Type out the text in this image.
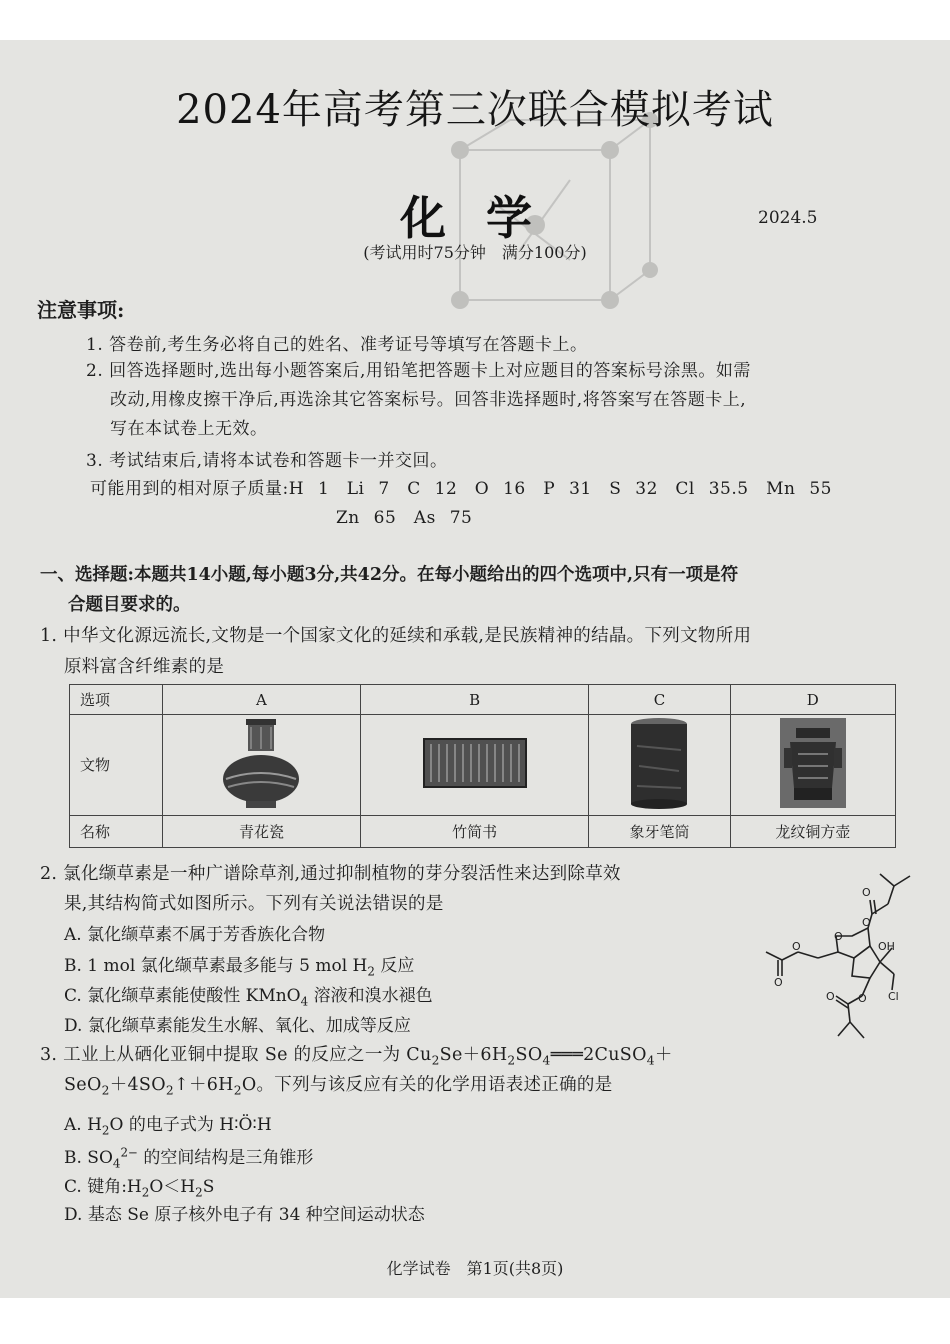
2024年高考第三次联合模拟考试
化学	2024.5
(考试用时75分钟　满分100分)
注意事项:
1. 答卷前,考生务必将自己的姓名、准考证号等填写在答题卡上。
2. 回答选择题时,选出每小题答案后,用铅笔把答题卡上对应题目的答案标号涂黑。如需
改动,用橡皮擦干净后,再选涂其它答案标号。回答非选择题时,将答案写在答题卡上,
写在本试卷上无效。
3. 考试结束后,请将本试卷和答题卡一并交回。
可能用到的相对原子质量:H 1　Li 7　C 12　O 16　P 31　S 32　Cl 35.5　Mn 55
Zn 65　As 75
一、选择题:本题共14小题,每小题3分,共42分。在每小题给出的四个选项中,只有一项是符
合题目要求的。
1. 中华文化源远流长,文物是一个国家文化的延续和承载,是民族精神的结晶。下列文物所用
原料富含纤维素的是
选项	A	B	C	D
文物				
名称	青花瓷	竹简书	象牙笔筒	龙纹铜方壶
2. 氯化缬草素是一种广谱除草剂,通过抑制植物的芽分裂活性来达到除草效
果,其结构简式如图所示。下列有关说法错误的是
A. 氯化缬草素不属于芳香族化合物
B. 1 mol 氯化缬草素最多能与 5 mol $H_2$ 反应
C. 氯化缬草素能使酸性 KMnO$_4$ 溶液和溴水褪色
D. 氯化缬草素能发生水解、氧化、加成等反应
O
O
O
O
O
OH
Cl
O
O
3. 工业上从硒化亚铜中提取 Se 的反应之一为 $Cu_2Se+6H_2SO_4═══2CuSO_4+$
$SeO_2+4SO_2↑+6H_2O$。下列与该反应有关的化学用语表述正确的是
A. $H_2O$ 的电子式为 H∶Ö∶H
B. $SO_4^{2-}$ 的空间结构是三角锥形
C. 键角$:H_2O<H_2S$
D. 基态 Se 原子核外电子有 34 种空间运动状态
化学试卷　第1页(共8页)
